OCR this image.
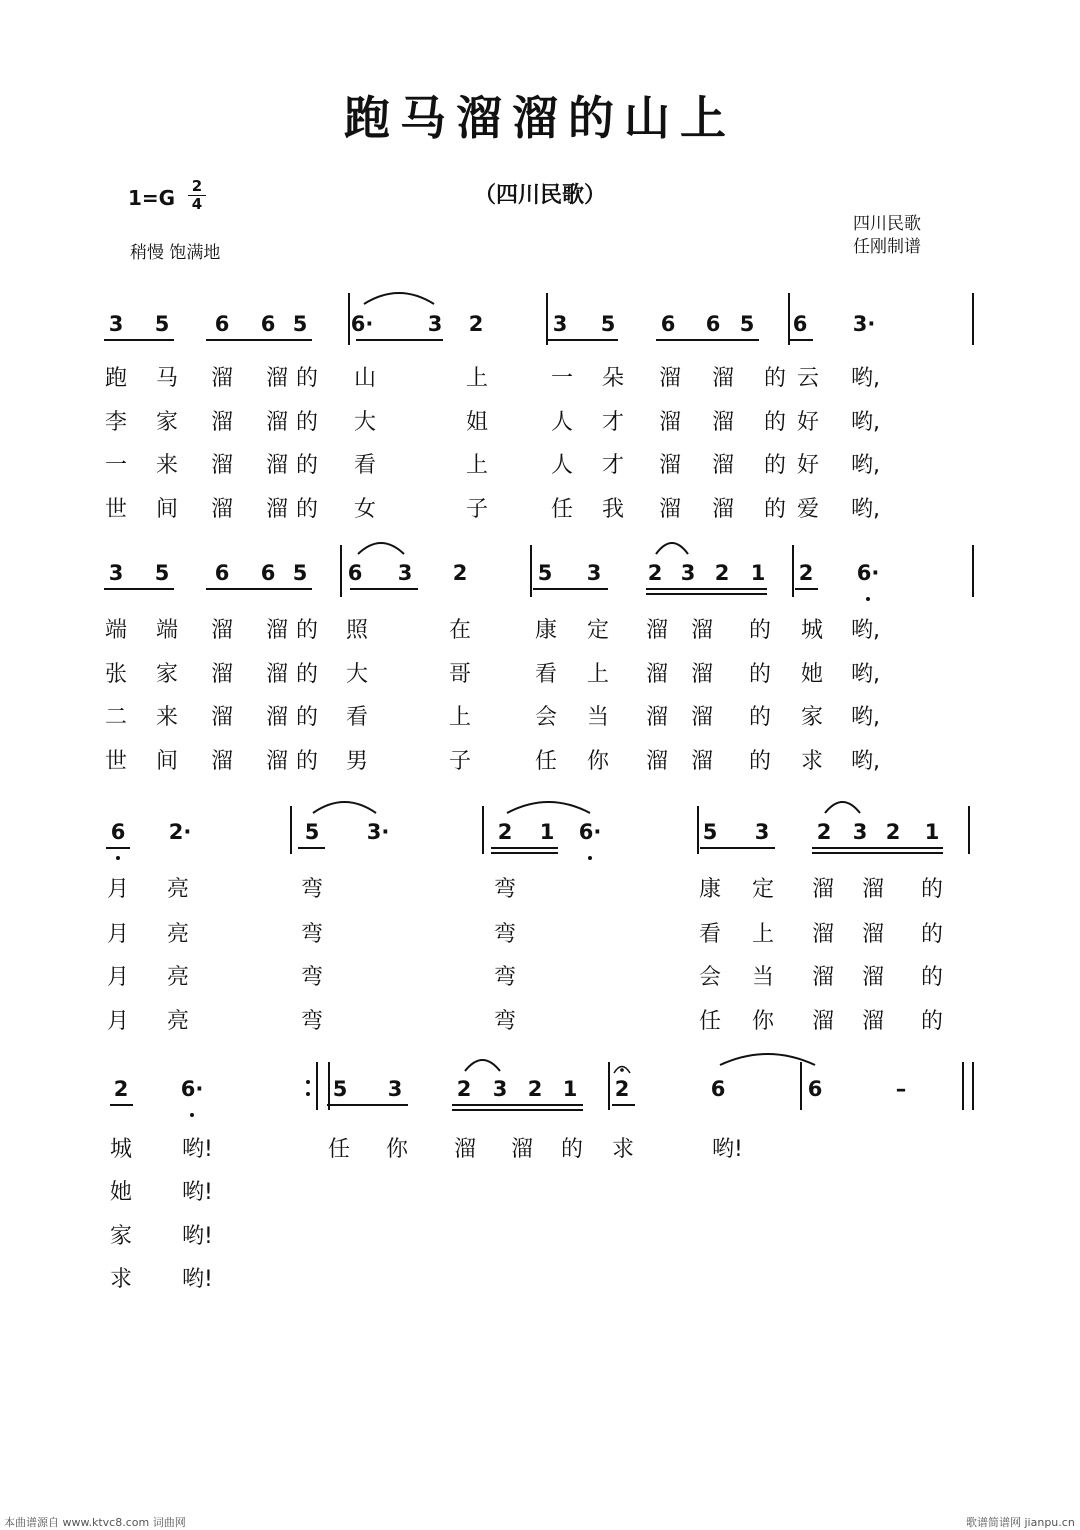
跑马溜溜的山上
1=G 2
4	（四川民歌）
稍慢 饱满地
四川民歌
任刚制谱
3 5 6 6 5 6·	3 2	3 5 6 6 5 6 3·
跑 马 溜 溜 的 山	上	一 朵 溜 溜 的 云 哟,
李 家 溜 溜 的 大	姐	人 才 溜 溜 的 好 哟,
一 来 溜 溜 的 看	上	人 才 溜 溜 的 好 哟,
世 间 溜 溜 的 女	子	任 我 溜 溜 的 爱 哟,
3 5 6 6 5 6 3 2	5 3 2 3 2 1 2 6·
端 端 溜 溜 的 照	在	康 定 溜 溜 的 城 哟,
张 家 溜 溜 的 大	哥	看 上 溜 溜 的 她 哟,
二 来 溜 溜 的 看	上	会 当 溜 溜 的 家 哟,
世 间 溜 溜 的 男	子	任 你 溜 溜 的 求 哟,
6 2·	5 3·	2 1 6·	5 3 2 3 2 1
月 亮	弯	弯	康 定 溜 溜 的
月 亮	弯	弯	看 上 溜 溜 的
月 亮	弯	弯	会 当 溜 溜 的
月 亮	弯	弯	任 你 溜 溜 的
2 6·	5 3	2 3 2 1 2	6	6	–
城 哟!	任 你 溜 溜 的 求	哟!
她 哟!
家 哟!
求 哟!
本曲谱源自 www.ktvc8.com 词曲网	歌谱简谱网 jianpu.cn
